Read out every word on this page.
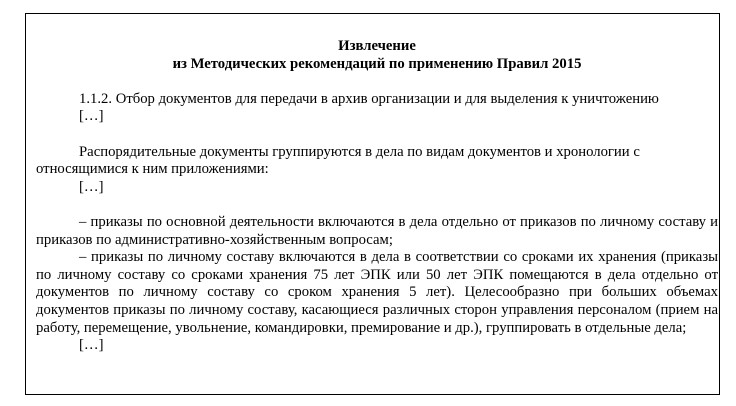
Извлечение

из Методических рекомендаций по применению Правил 2015

1.1.2. Отбор документов для передачи в архив организации и для выделения к уничтожению

[…]

Распорядительные документы группируются в дела по видам документов и хронологии с относящимися к ним приложениями:

[…]

– приказы по основной деятельности включаются в дела отдельно от приказов по личному составу и приказов по административно-хозяйственным вопросам;

– приказы по личному составу включаются в дела в соответствии со сроками их хранения (приказы по личному составу со сроками хранения 75 лет ЭПК или 50 лет ЭПК помещаются в дела отдельно от документов по личному составу со сроком хранения 5 лет). Целесообразно при больших объемах документов приказы по личному составу, касающиеся различных сторон управления персоналом (прием на работу, перемещение, увольнение, командировки, премирование и др.), группировать в отдельные дела;

[…]
